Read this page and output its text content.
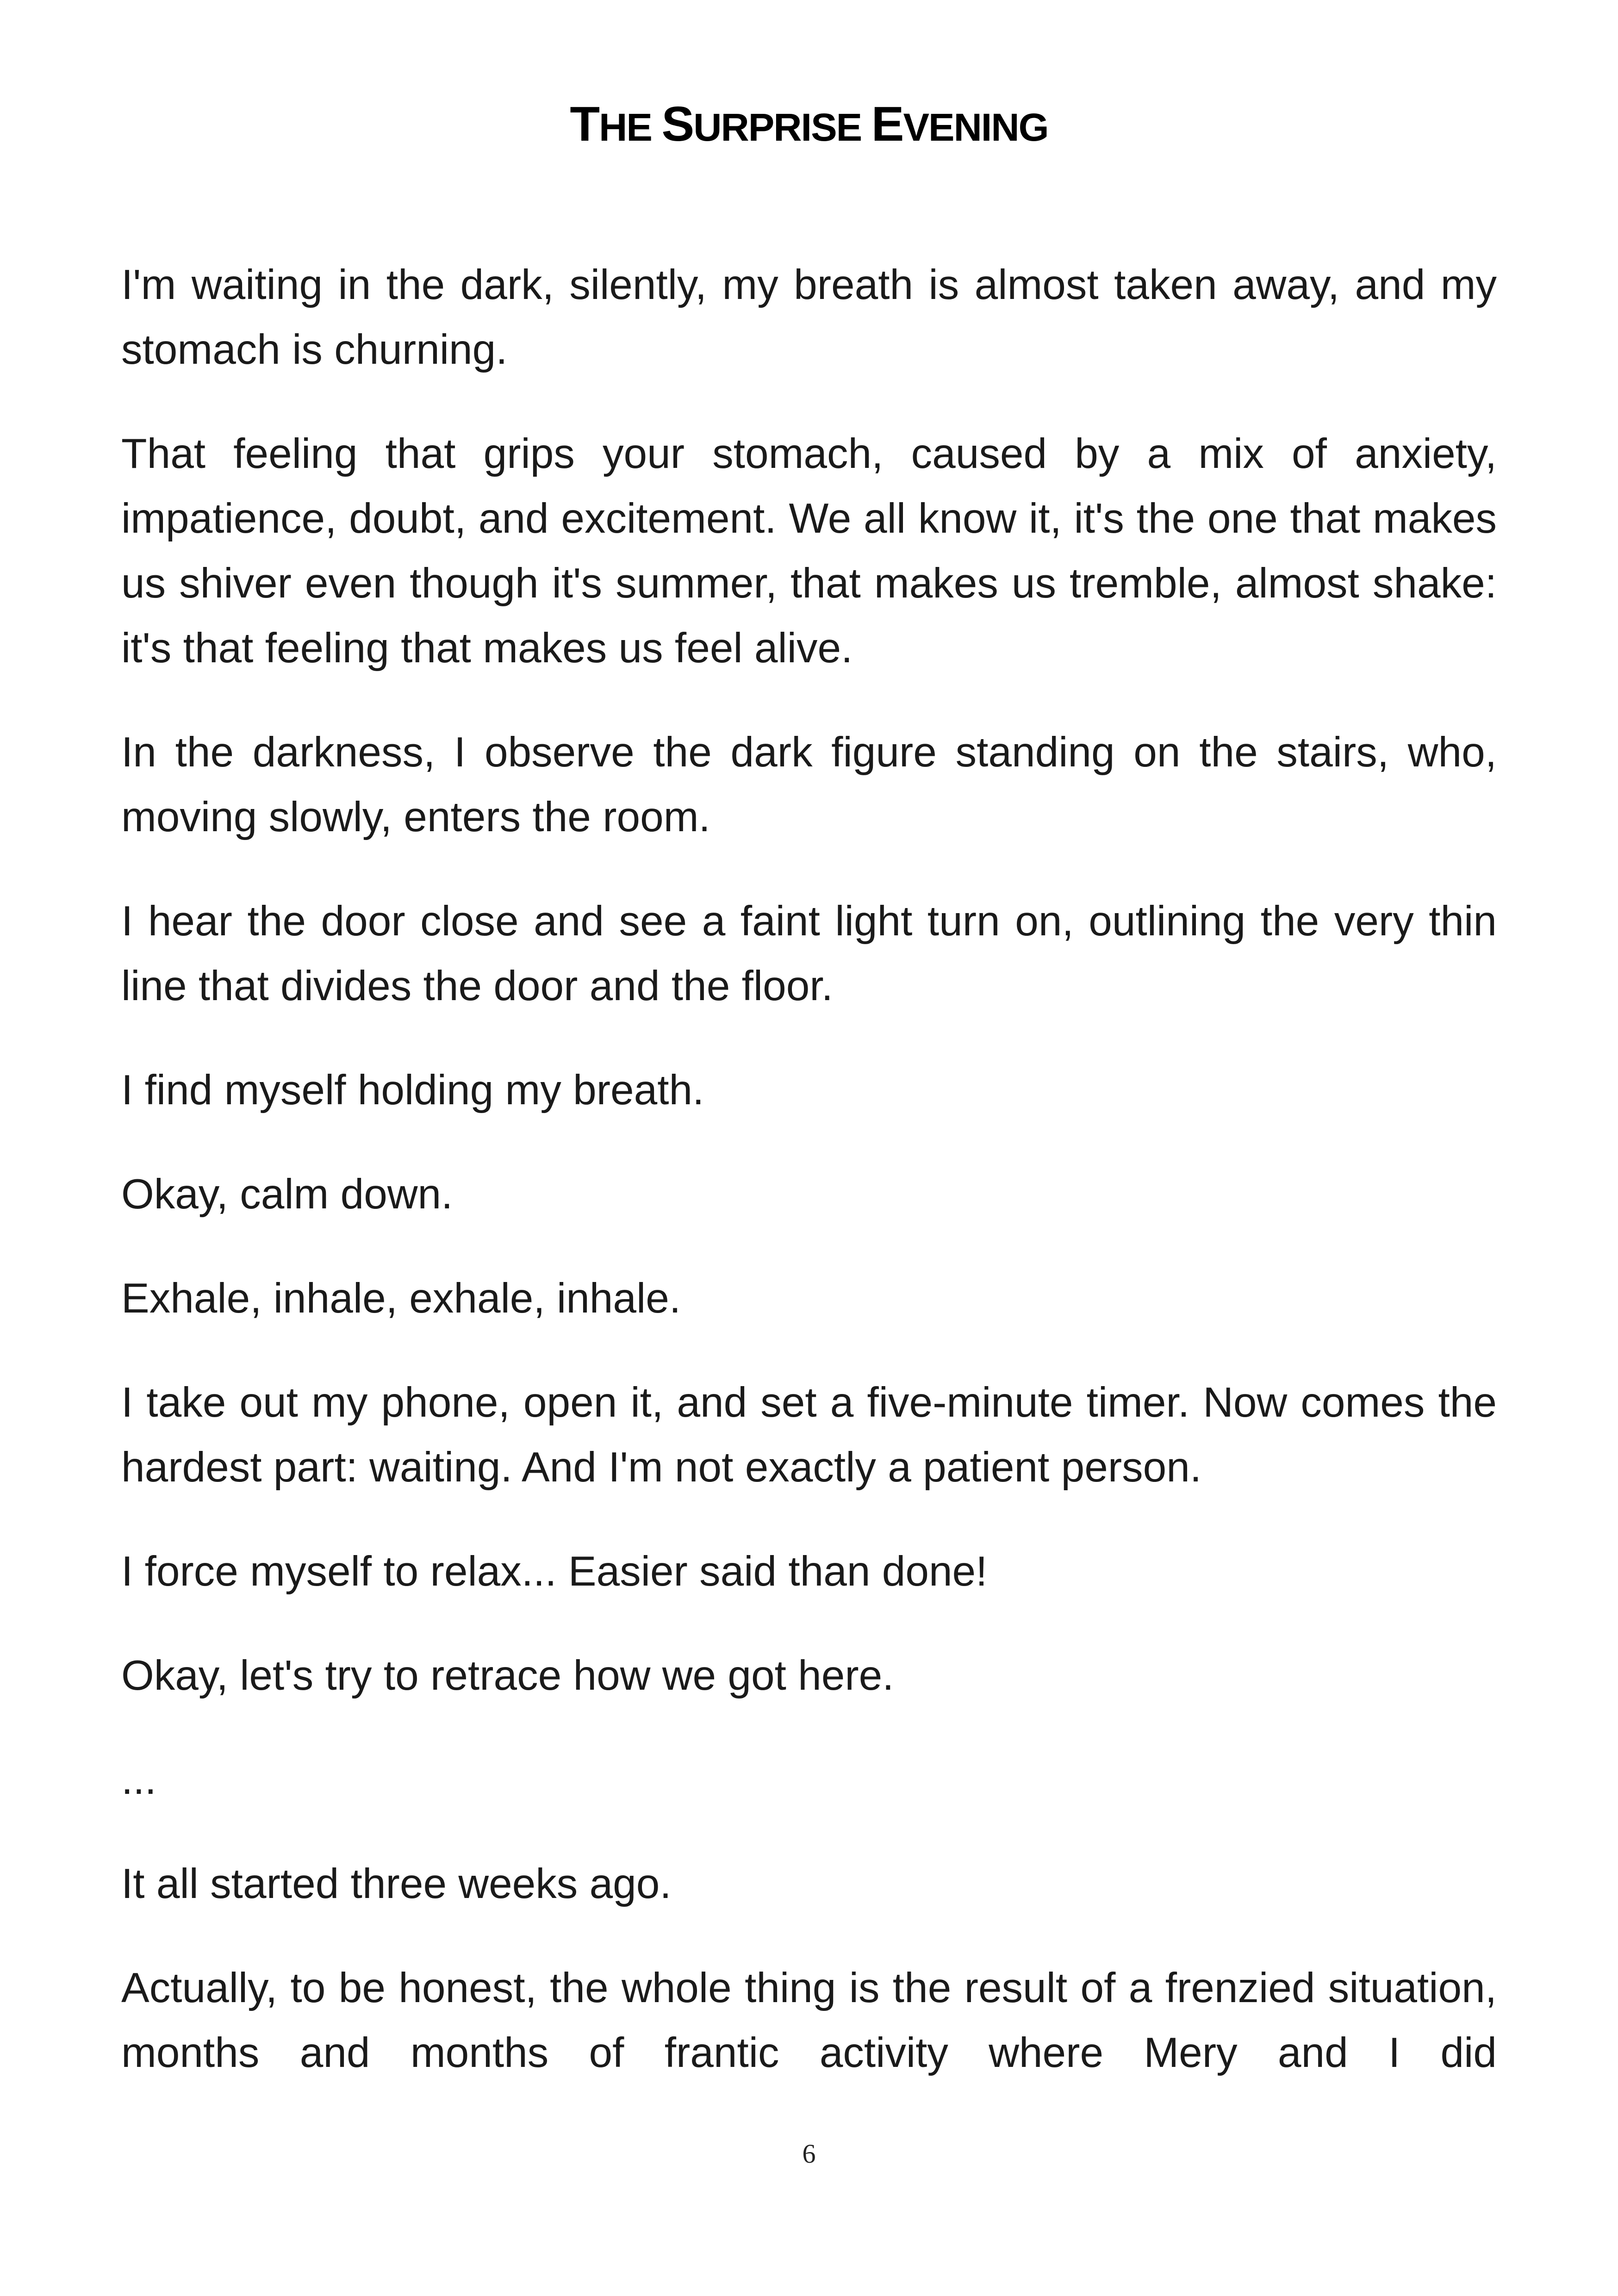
THE SURPRISE EVENING

I'm waiting in the dark, silently, my breath is almost taken away, and my stomach is churning.

That feeling that grips your stomach, caused by a mix of anxiety, impatience, doubt, and excitement. We all know it, it's the one that makes us shiver even though it's summer, that makes us tremble, almost shake: it's that feeling that makes us feel alive.

In the darkness, I observe the dark figure standing on the stairs, who, moving slowly, enters the room.

I hear the door close and see a faint light turn on, outlining the very thin line that divides the door and the floor.

I find myself holding my breath.

Okay, calm down.

Exhale, inhale, exhale, inhale.

I take out my phone, open it, and set a five-minute timer. Now comes the hardest part: waiting. And I'm not exactly a patient person.

I force myself to relax... Easier said than done!

Okay, let's try to retrace how we got here.

...

It all started three weeks ago.

Actually, to be honest, the whole thing is the result of a frenzied situation, months and months of frantic activity where Mery and I did

6
